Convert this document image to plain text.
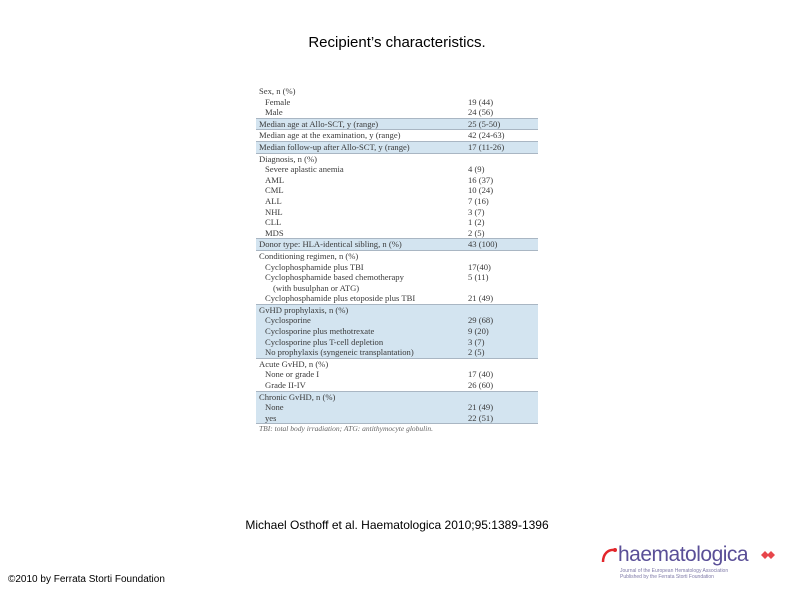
Recipient’s characteristics.
Sex, n (%)
Female	19 (44)
Male	24 (56)
Median age at Allo-SCT, y (range)	25 (5-50)
Median age at the examination, y (range)	42 (24-63)
Median follow-up after Allo-SCT, y (range)	17 (11-26)
Diagnosis, n (%)
Severe aplastic anemia	4 (9)
AML	16 (37)
CML	10 (24)
ALL	7 (16)
NHL	3 (7)
CLL	1 (2)
MDS	2 (5)
Donor type: HLA-identical sibling, n (%)	43 (100)
Conditioning regimen, n (%)
Cyclophosphamide plus TBI	17(40)
Cyclophosphamide based chemotherapy	5 (11)
(with busulphan or ATG)
Cyclophosphamide plus etoposide plus TBI	21 (49)
GvHD prophylaxis, n (%)
Cyclosporine	29 (68)
Cyclosporine plus methotrexate	9 (20)
Cyclosporine plus T-cell depletion	3 (7)
No prophylaxis (syngeneic transplantation)	2 (5)
Acute GvHD, n (%)
None or grade I	17 (40)
Grade II-IV	26 (60)
Chronic GvHD, n (%)
None	21 (49)
yes	22 (51)
TBI: total body irradiation; ATG: antithymocyte globulin.
Michael Osthoff et al. Haematologica 2010;95:1389-1396
©2010 by Ferrata Storti Foundation
haematologica
Journal of the European Hematology Association
Published by the Ferrata Storti Foundation
